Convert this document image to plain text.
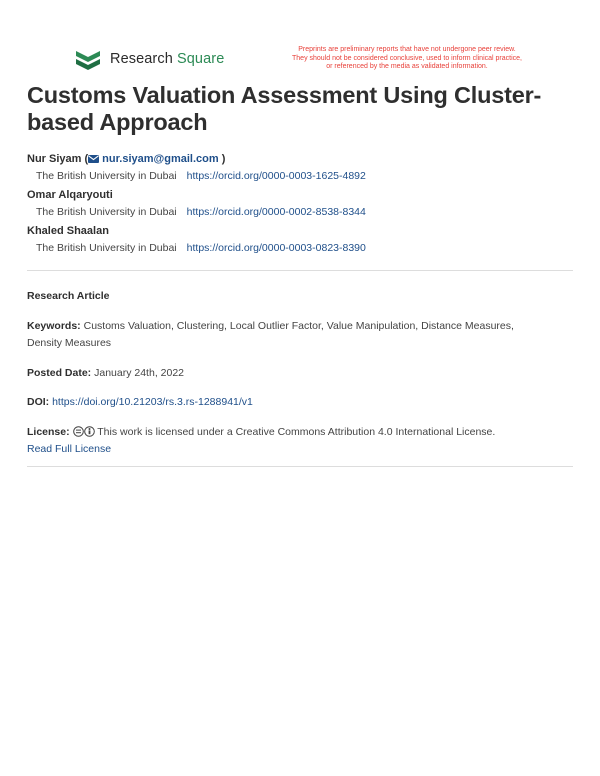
Research Square
Preprints are preliminary reports that have not undergone peer review.
They should not be considered conclusive, used to inform clinical practice,
or referenced by the media as validated information.
Customs Valuation Assessment Using Cluster-
based Approach
Nur Siyam ( nur.siyam@gmail.com )
The British University in Dubai https://orcid.org/0000-0003-1625-4892
Omar Alqaryouti
The British University in Dubai https://orcid.org/0000-0002-8538-8344
Khaled Shaalan
The British University in Dubai https://orcid.org/0000-0003-0823-8390
Research Article
Keywords: Customs Valuation, Clustering, Local Outlier Factor, Value Manipulation, Distance Measures,
Density Measures
Posted Date: January 24th, 2022
DOI: https://doi.org/10.21203/rs.3.rs-1288941/v1
License:	This work is licensed under a Creative Commons Attribution 4.0 International License.
Read Full License
